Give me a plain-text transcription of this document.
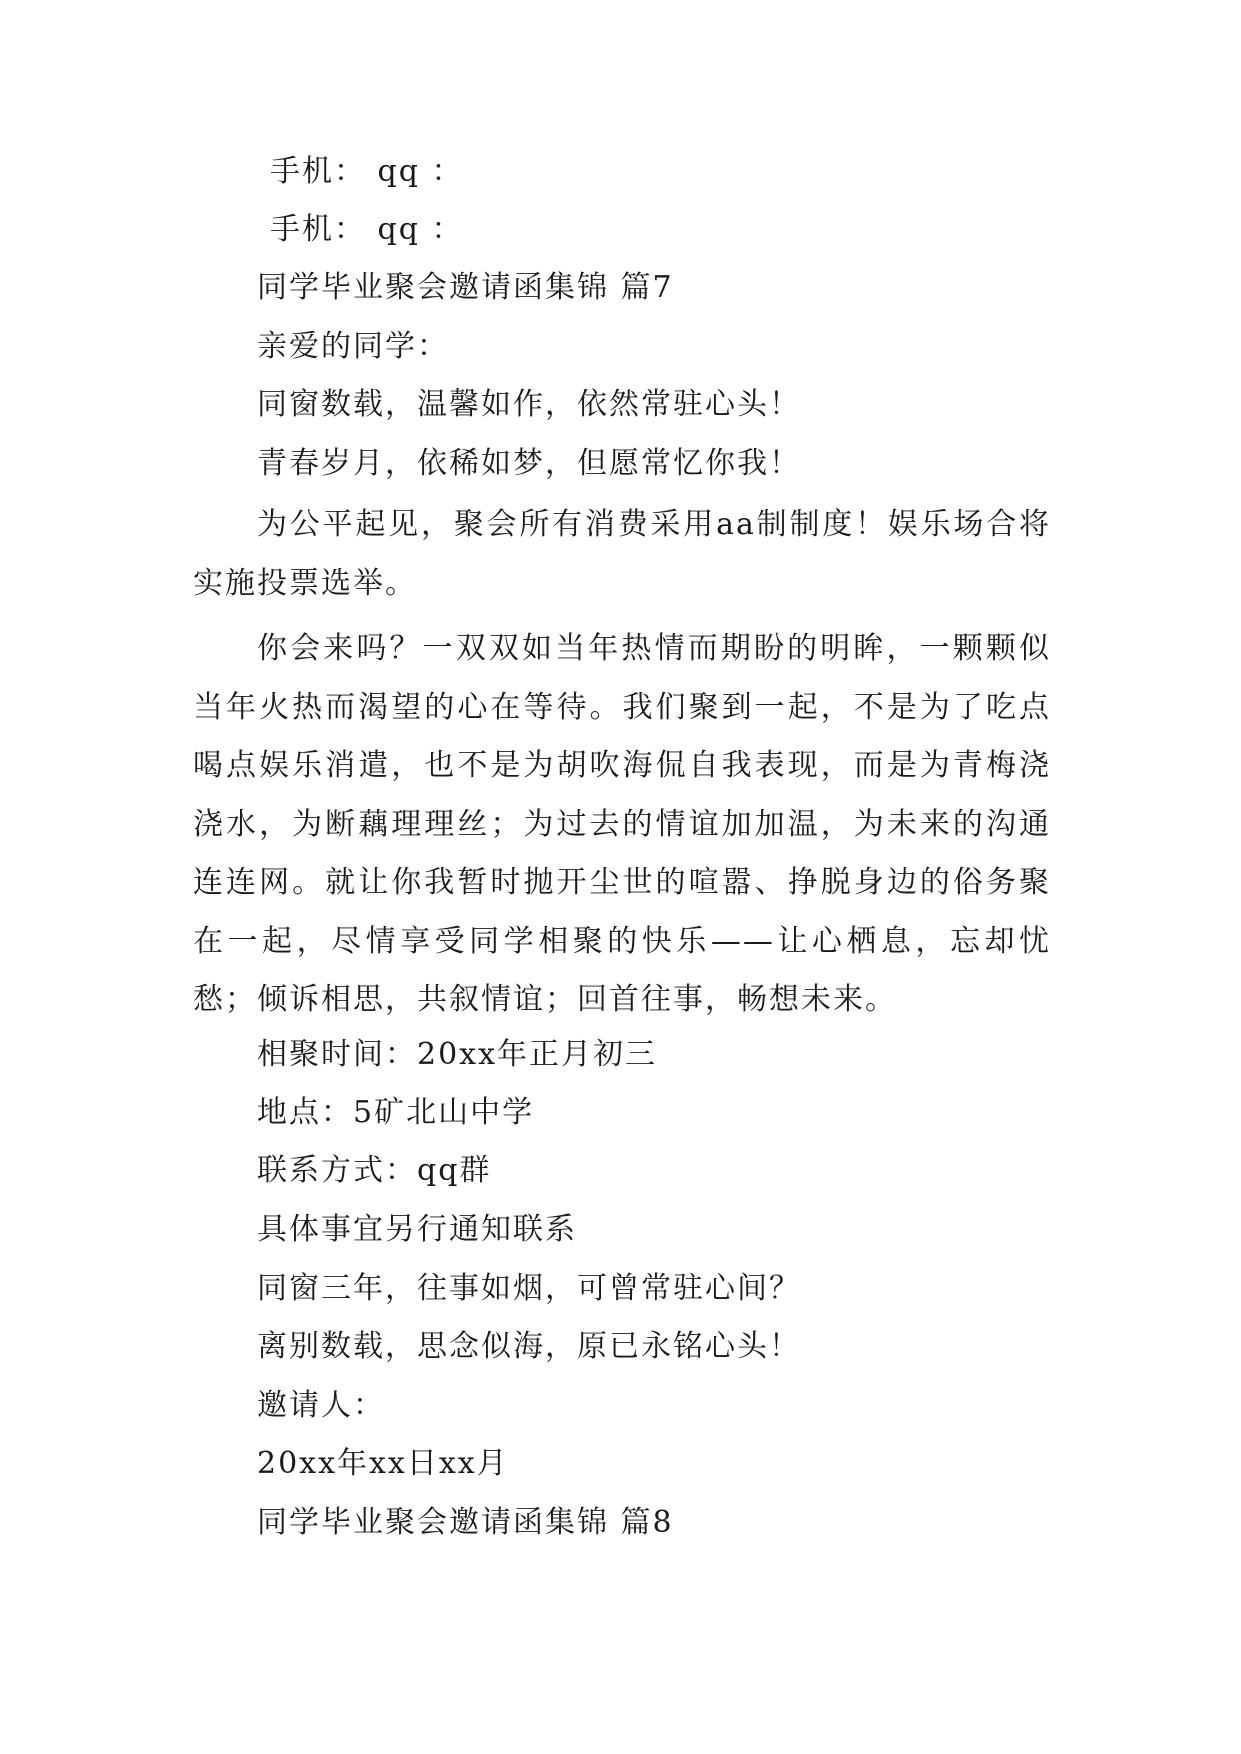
手机： qq ：
手机： qq ：
同学毕业聚会邀请函集锦 篇7
亲爱的同学：
同窗数载，温馨如作，依然常驻心头！
青春岁月，依稀如梦，但愿常忆你我！
为公平起见，聚会所有消费采用aa制制度！娱乐场合将实施投票选举。
你会来吗？一双双如当年热情而期盼的明眸，一颗颗似当年火热而渴望的心在等待。我们聚到一起，不是为了吃点喝点娱乐消遣，也不是为胡吹海侃自我表现，而是为青梅浇浇水，为断藕理理丝；为过去的情谊加加温，为未来的沟通连连网。就让你我暂时抛开尘世的喧嚣、挣脱身边的俗务聚在一起，尽情享受同学相聚的快乐——让心栖息，忘却忧愁；倾诉相思，共叙情谊；回首往事，畅想未来。
相聚时间：20xx年正月初三
地点：5矿北山中学
联系方式：qq群
具体事宜另行通知联系
同窗三年，往事如烟，可曾常驻心间？
离别数载，思念似海，原已永铭心头！
邀请人：
20xx年xx日xx月
同学毕业聚会邀请函集锦 篇8
